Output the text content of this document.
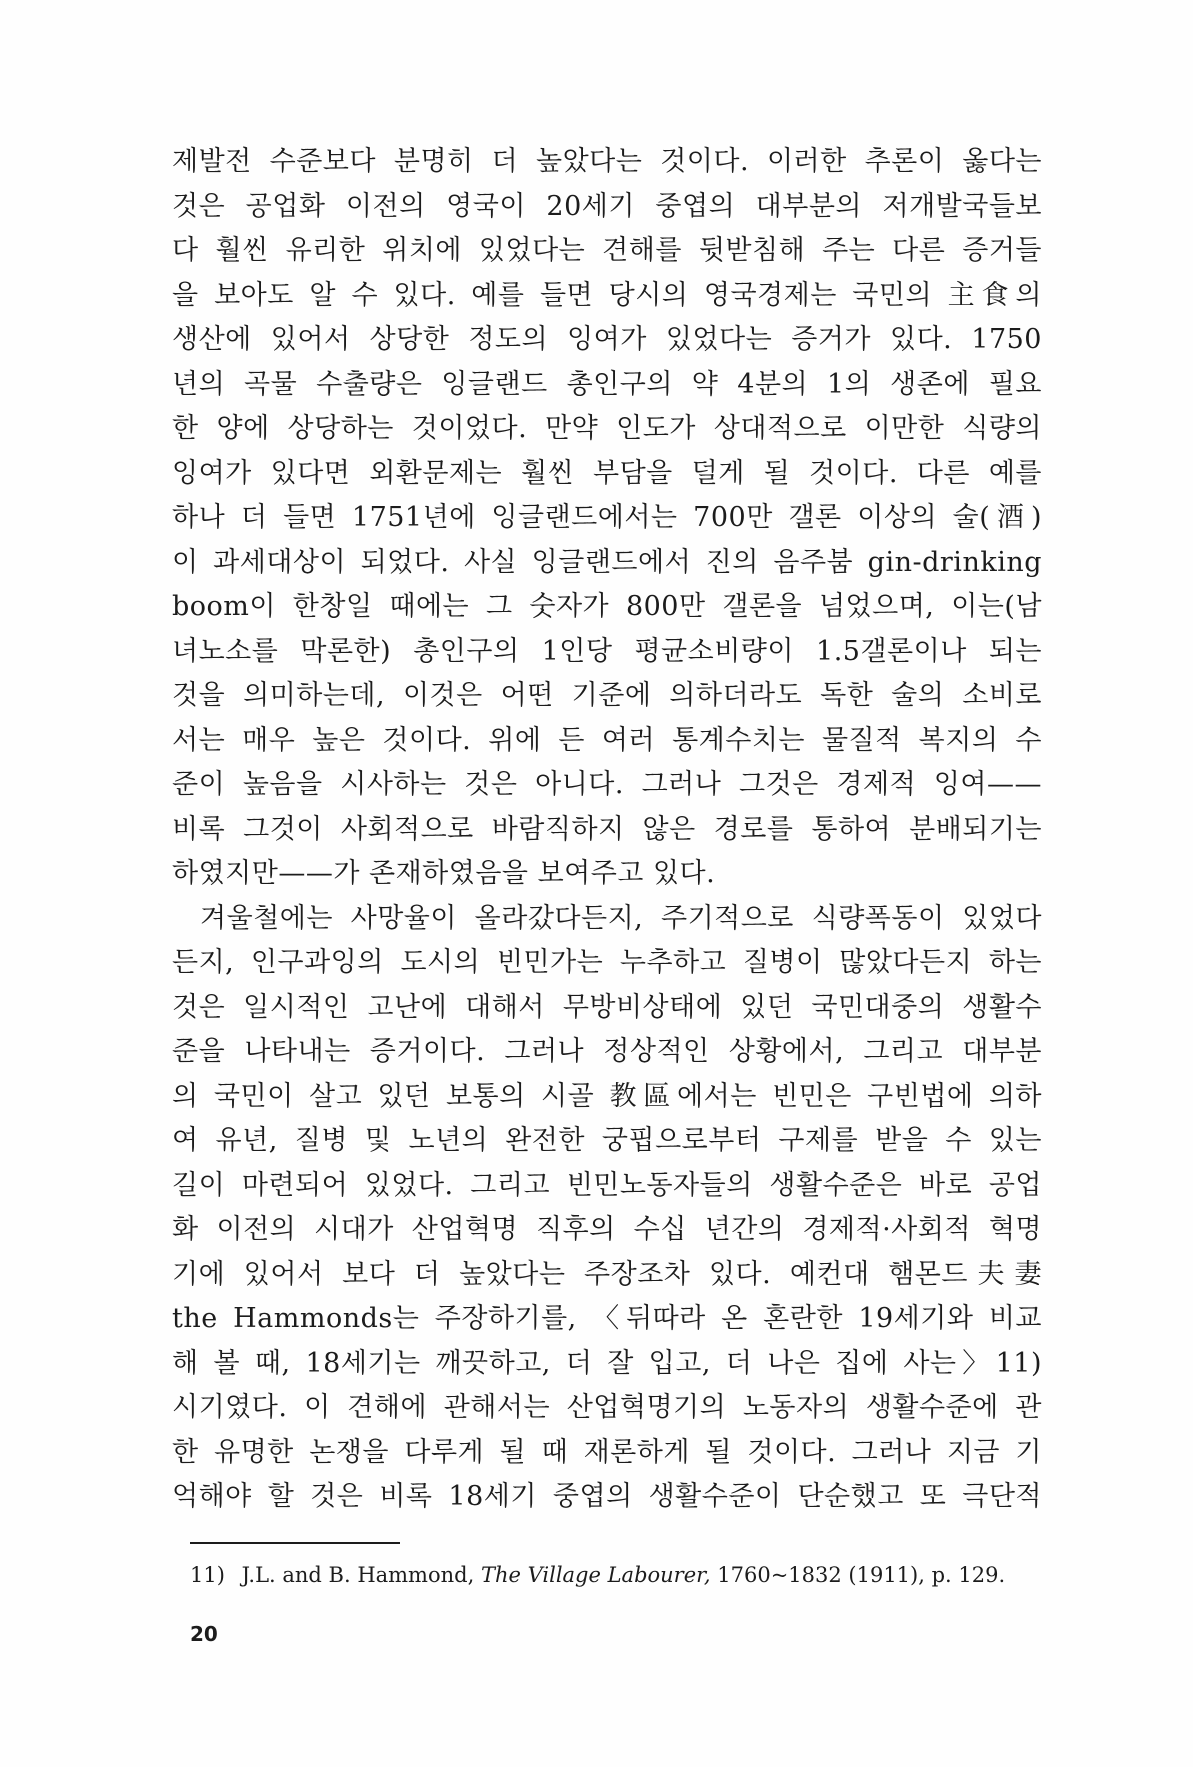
제발전 수준보다 분명히 더 높았다는 것이다. 이러한 추론이 옳다는
것은 공업화 이전의 영국이 20세기 중엽의 대부분의 저개발국들보
다 훨씬 유리한 위치에 있었다는 견해를 뒷받침해 주는 다른 증거들
을 보아도 알 수 있다. 예를 들면 당시의 영국경제는 국민의 主食의
생산에 있어서 상당한 정도의 잉여가 있었다는 증거가 있다. 1750
년의 곡물 수출량은 잉글랜드 총인구의 약 4분의 1의 생존에 필요
한 양에 상당하는 것이었다. 만약 인도가 상대적으로 이만한 식량의
잉여가 있다면 외환문제는 훨씬 부담을 덜게 될 것이다. 다른 예를
하나 더 들면 1751년에 잉글랜드에서는 700만 갤론 이상의 술(酒)
이 과세대상이 되었다. 사실 잉글랜드에서 진의 음주붐 gin-drinking
boom이 한창일 때에는 그 숫자가 800만 갤론을 넘었으며, 이는(남
녀노소를 막론한) 총인구의 1인당 평균소비량이 1.5갤론이나 되는
것을 의미하는데, 이것은 어떤 기준에 의하더라도 독한 술의 소비로
서는 매우 높은 것이다. 위에 든 여러 통계수치는 물질적 복지의 수
준이 높음을 시사하는 것은 아니다. 그러나 그것은 경제적 잉여——
비록 그것이 사회적으로 바람직하지 않은 경로를 통하여 분배되기는
하였지만——가 존재하였음을 보여주고 있다.
겨울철에는 사망율이 올라갔다든지, 주기적으로 식량폭동이 있었다
든지, 인구과잉의 도시의 빈민가는 누추하고 질병이 많았다든지 하는
것은 일시적인 고난에 대해서 무방비상태에 있던 국민대중의 생활수
준을 나타내는 증거이다. 그러나 정상적인 상황에서, 그리고 대부분
의 국민이 살고 있던 보통의 시골 教區에서는 빈민은 구빈법에 의하
여 유년, 질병 및 노년의 완전한 궁핍으로부터 구제를 받을 수 있는
길이 마련되어 있었다. 그리고 빈민노동자들의 생활수준은 바로 공업
화 이전의 시대가 산업혁명 직후의 수십 년간의 경제적·사회적 혁명
기에 있어서 보다 더 높았다는 주장조차 있다. 예컨대 햄몬드夫妻
the Hammonds는 주장하기를, 〈뒤따라 온 혼란한 19세기와 비교
해 볼 때, 18세기는 깨끗하고, 더 잘 입고, 더 나은 집에 사는〉11)
시기였다. 이 견해에 관해서는 산업혁명기의 노동자의 생활수준에 관
한 유명한 논쟁을 다루게 될 때 재론하게 될 것이다. 그러나 지금 기
억해야 할 것은 비록 18세기 중엽의 생활수준이 단순했고 또 극단적
11) J.L. and B. Hammond, The Village Labourer, 1760~1832 (1911), p. 129.
20
